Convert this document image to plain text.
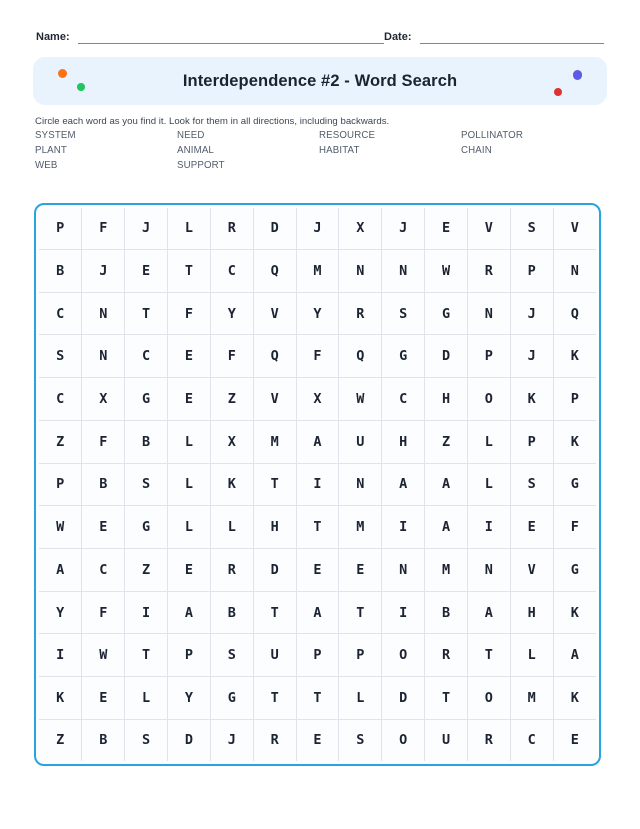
Name:	Date:
Interdependence #2 - Word Search
Circle each word as you find it. Look for them in all directions, including backwards.
SYSTEM	NEED	RESOURCE	POLLINATOR
PLANT	ANIMAL	HABITAT	CHAIN
WEB	SUPPORT
P	F	J	L	R	D	J	X	J	E	V	S	V
B	J	E	T	C	Q	M	N	N	W	R	P	N
C	N	T	F	Y	V	Y	R	S	G	N	J	Q
S	N	C	E	F	Q	F	Q	G	D	P	J	K
C	X	G	E	Z	V	X	W	C	H	O	K	P
Z	F	B	L	X	M	A	U	H	Z	L	P	K
P	B	S	L	K	T	I	N	A	A	L	S	G
W	E	G	L	L	H	T	M	I	A	I	E	F
A	C	Z	E	R	D	E	E	N	M	N	V	G
Y	F	I	A	B	T	A	T	I	B	A	H	K
I	W	T	P	S	U	P	P	O	R	T	L	A
K	E	L	Y	G	T	T	L	D	T	O	M	K
Z	B	S	D	J	R	E	S	O	U	R	C	E
